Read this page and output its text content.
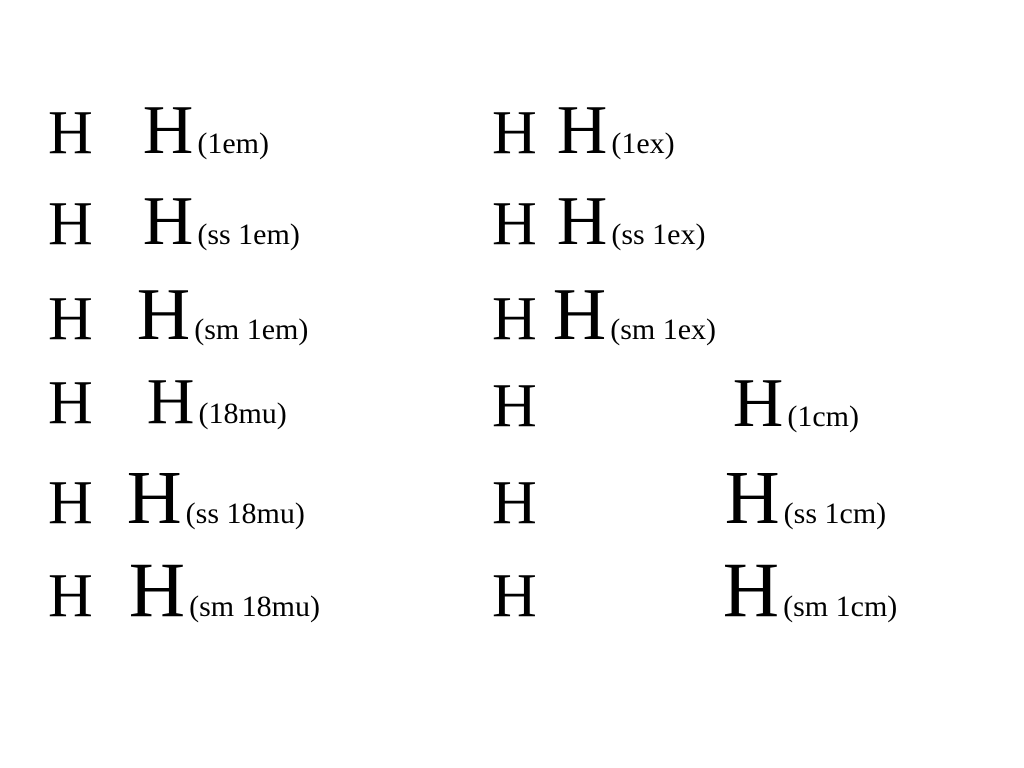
H H (1em)	H H (1ex)
H H (ss 1em)	H H (ss 1ex)
H H (sm 1em)	H H (sm 1ex)
H H (18mu)	H	H (1cm)
H H (ss 18mu)	H H (ss 1cm)
H H (sm 18mu)	H H (sm 1cm)
